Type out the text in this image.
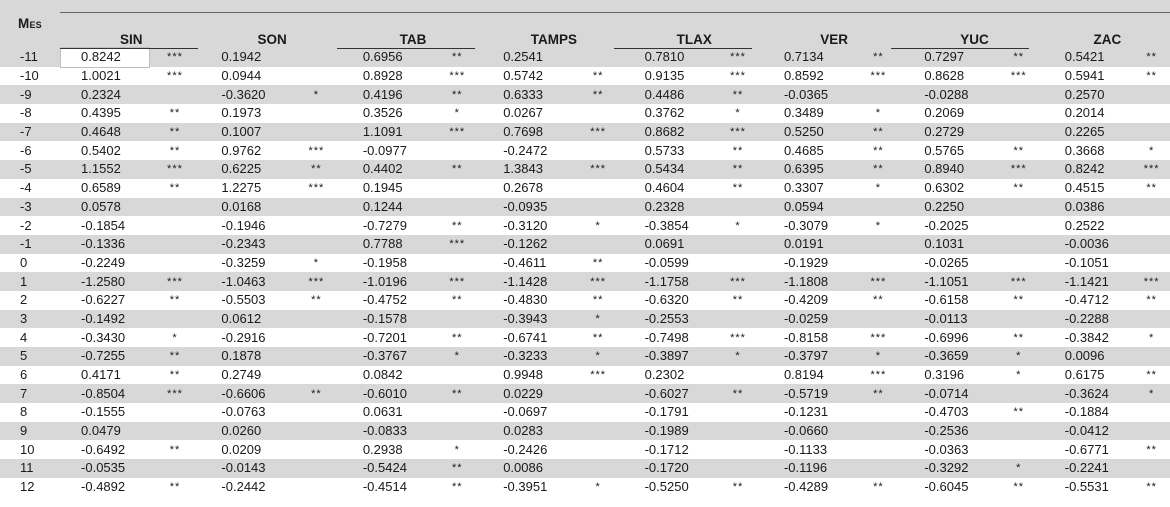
MES	SIN		SON		TAB		TAMPS		TLAX		VER		YUC		ZAC	
-11	0.8242	***	0.1942		0.6956	**	0.2541		0.7810	***	0.7134	**	0.7297	**	0.5421	**
-10	1.0021	***	0.0944		0.8928	***	0.5742	**	0.9135	***	0.8592	***	0.8628	***	0.5941	**
-9	0.2324		-0.3620	*	0.4196	**	0.6333	**	0.4486	**	-0.0365		-0.0288		0.2570	
-8	0.4395	**	0.1973		0.3526	*	0.0267		0.3762	*	0.3489	*	0.2069		0.2014	
-7	0.4648	**	0.1007		1.1091	***	0.7698	***	0.8682	***	0.5250	**	0.2729		0.2265	
-6	0.5402	**	0.9762	***	-0.0977		-0.2472		0.5733	**	0.4685	**	0.5765	**	0.3668	*
-5	1.1552	***	0.6225	**	0.4402	**	1.3843	***	0.5434	**	0.6395	**	0.8940	***	0.8242	***
-4	0.6589	**	1.2275	***	0.1945		0.2678		0.4604	**	0.3307	*	0.6302	**	0.4515	**
-3	0.0578		0.0168		0.1244		-0.0935		0.2328		0.0594		0.2250		0.0386	
-2	-0.1854		-0.1946		-0.7279	**	-0.3120	*	-0.3854	*	-0.3079	*	-0.2025		0.2522	
-1	-0.1336		-0.2343		0.7788	***	-0.1262		0.0691		0.0191		0.1031		-0.0036	
0	-0.2249		-0.3259	*	-0.1958		-0.4611	**	-0.0599		-0.1929		-0.0265		-0.1051	
1	-1.2580	***	-1.0463	***	-1.0196	***	-1.1428	***	-1.1758	***	-1.1808	***	-1.1051	***	-1.1421	***
2	-0.6227	**	-0.5503	**	-0.4752	**	-0.4830	**	-0.6320	**	-0.4209	**	-0.6158	**	-0.4712	**
3	-0.1492		0.0612		-0.1578		-0.3943	*	-0.2553		-0.0259		-0.0113		-0.2288	
4	-0.3430	*	-0.2916		-0.7201	**	-0.6741	**	-0.7498	***	-0.8158	***	-0.6996	**	-0.3842	*
5	-0.7255	**	0.1878		-0.3767	*	-0.3233	*	-0.3897	*	-0.3797	*	-0.3659	*	0.0096	
6	0.4171	**	0.2749		0.0842		0.9948	***	0.2302		0.8194	***	0.3196	*	0.6175	**
7	-0.8504	***	-0.6606	**	-0.6010	**	0.0229		-0.6027	**	-0.5719	**	-0.0714		-0.3624	*
8	-0.1555		-0.0763		0.0631		-0.0697		-0.1791		-0.1231		-0.4703	**	-0.1884	
9	0.0479		0.0260		-0.0833		0.0283		-0.1989		-0.0660		-0.2536		-0.0412	
10	-0.6492	**	0.0209		0.2938	*	-0.2426		-0.1712		-0.1133		-0.0363		-0.6771	**
11	-0.0535		-0.0143		-0.5424	**	0.0086		-0.1720		-0.1196		-0.3292	*	-0.2241	
12	-0.4892	**	-0.2442		-0.4514	**	-0.3951	*	-0.5250	**	-0.4289	**	-0.6045	**	-0.5531	**
